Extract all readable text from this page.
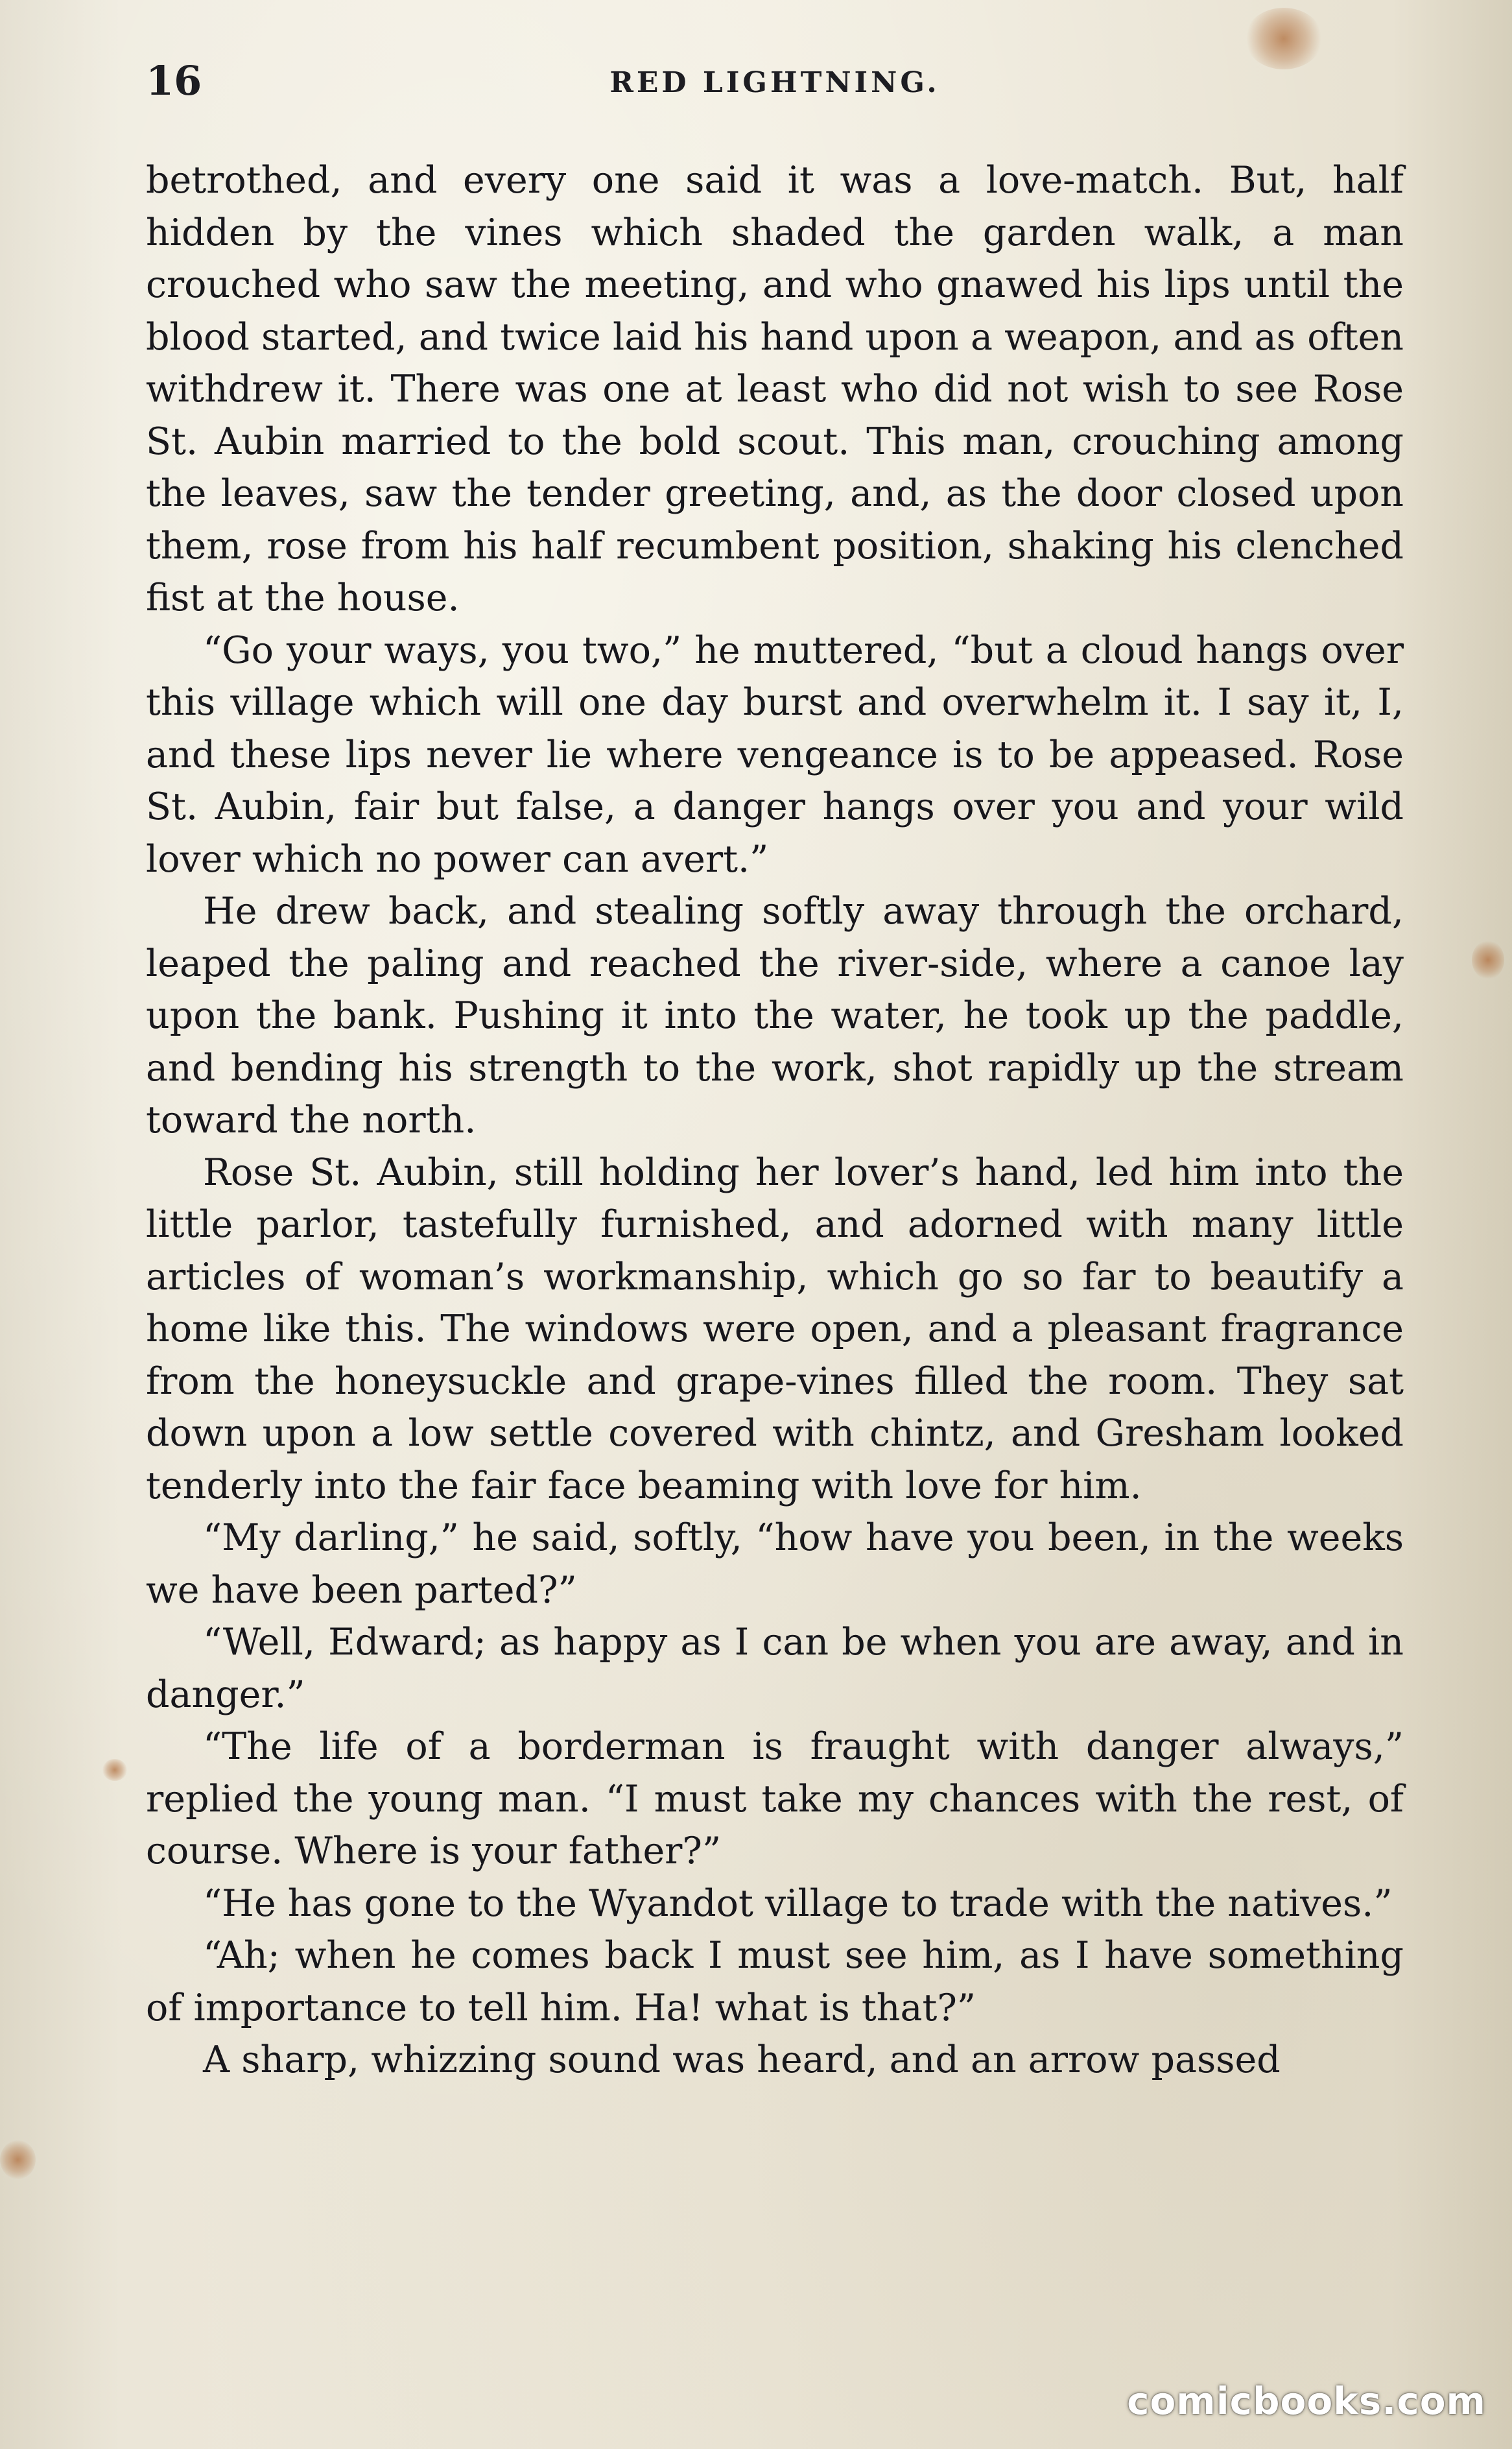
16	RED LIGHTNING.

betrothed, and every one said it was a love-match. But, half hidden by the vines which shaded the garden walk, a man crouched who saw the meeting, and who gnawed his lips until the blood started, and twice laid his hand upon a weapon, and as often withdrew it. There was one at least who did not wish to see Rose St. Aubin married to the bold scout. This man, crouching among the leaves, saw the tender greeting, and, as the door closed upon them, rose from his half recumbent position, shaking his clenched fist at the house.

“Go your ways, you two,” he muttered, “but a cloud hangs over this village which will one day burst and overwhelm it. I say it, I, and these lips never lie where vengeance is to be appeased. Rose St. Aubin, fair but false, a danger hangs over you and your wild lover which no power can avert.”

He drew back, and stealing softly away through the orchard, leaped the paling and reached the river-side, where a canoe lay upon the bank. Pushing it into the water, he took up the paddle, and bending his strength to the work, shot rapidly up the stream toward the north.

Rose St. Aubin, still holding her lover’s hand, led him into the little parlor, tastefully furnished, and adorned with many little articles of woman’s workmanship, which go so far to beautify a home like this. The windows were open, and a pleasant fragrance from the honeysuckle and grape-vines filled the room. They sat down upon a low settle covered with chintz, and Gresham looked tenderly into the fair face beaming with love for him.

“My darling,” he said, softly, “how have you been, in the weeks we have been parted?”

“Well, Edward; as happy as I can be when you are away, and in danger.”

“The life of a borderman is fraught with danger always,” replied the young man. “I must take my chances with the rest, of course. Where is your father?”

“He has gone to the Wyandot village to trade with the natives.”

“Ah; when he comes back I must see him, as I have something of importance to tell him. Ha! what is that?”

A sharp, whizzing sound was heard, and an arrow passed

comicbooks.com
